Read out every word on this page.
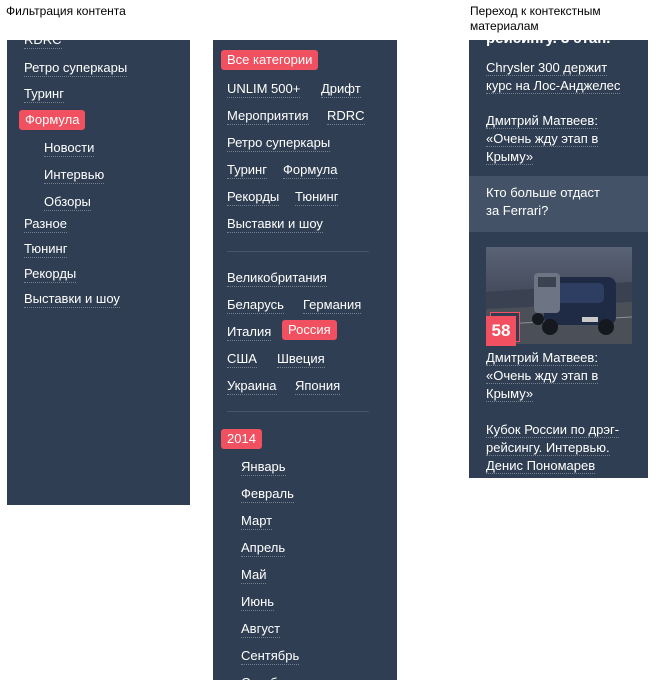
Фильтрация контента	Переход к контекстным
материалам
RDRC
Ретро суперкары
Туринг
Формула
Новости
Интервью
Обзоры
Разное
Тюнинг
Рекорды
Выставки и шоу
Все категории
UNLIM 500+ Дрифт
Мероприятия RDRC
Ретро суперкары
Туринг Формула
Рекорды Тюнинг
Выставки и шоу
Великобритания
Беларусь Германия
Италия	Россия
США Швеция
Украина Япония
2014
Январь
Февраль
Март
Апрель
Май
Июнь
Август
Сентябрь
Октябрь
рейсингу. 3 этап.
Chrysler 300 держит
курс на Лос-Анджелес
Дмитрий Матвеев:
«Очень жду этап в
Крыму»
Кто больше отдаст
за Ferrari?
58
Дмитрий Матвеев:
«Очень жду этап в
Крыму»
Кубок России по дрэг-
рейсингу. Интервью.
Денис Пономарев
